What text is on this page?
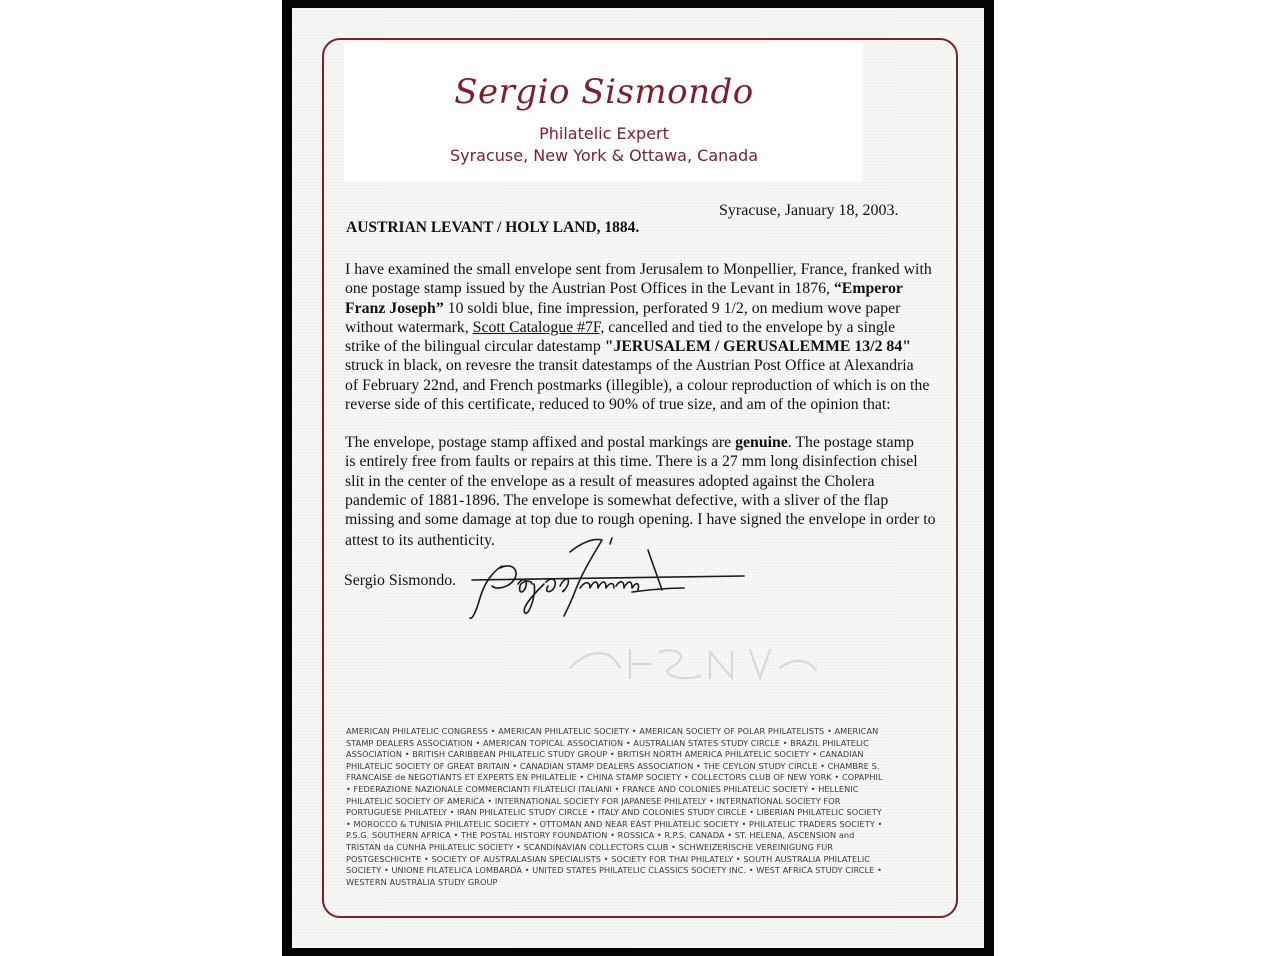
Sergio Sismondo
Philatelic Expert
Syracuse, New York & Ottawa, Canada
Syracuse, January 18, 2003.
AUSTRIAN LEVANT / HOLY LAND, 1884.
I have examined the small envelope sent from Jerusalem to Monpellier, France, franked with
one postage stamp issued by the Austrian Post Offices in the Levant in 1876, “Emperor
Franz Joseph” 10 soldi blue, fine impression, perforated 9 1/2, on medium wove paper
without watermark, Scott Catalogue #7F, cancelled and tied to the envelope by a single
strike of the bilingual circular datestamp "JERUSALEM / GERUSALEMME 13/2 84"
struck in black, on revesre the transit datestamps of the Austrian Post Office at Alexandria
of February 22nd, and French postmarks (illegible), a colour reproduction of which is on the
reverse side of this certificate, reduced to 90% of true size, and am of the opinion that:
The envelope, postage stamp affixed and postal markings are genuine. The postage stamp
is entirely free from faults or repairs at this time. There is a 27 mm long disinfection chisel
slit in the center of the envelope as a result of measures adopted against the Cholera
pandemic of 1881-1896. The envelope is somewhat defective, with a sliver of the flap
missing and some damage at top due to rough opening. I have signed the envelope in order to
attest to its authenticity.
Sergio Sismondo.
AMERICAN PHILATELIC CONGRESS • AMERICAN PHILATELIC SOCIETY • AMERICAN SOCIETY OF POLAR PHILATELISTS • AMERICAN
STAMP DEALERS ASSOCIATION • AMERICAN TOPICAL ASSOCIATION • AUSTRALIAN STATES STUDY CIRCLE • BRAZIL PHILATELIC
ASSOCIATION • BRITISH CARIBBEAN PHILATELIC STUDY GROUP • BRITISH NORTH AMERICA PHILATELIC SOCIETY • CANADIAN
PHILATELIC SOCIETY OF GREAT BRITAIN • CANADIAN STAMP DEALERS ASSOCIATION • THE CEYLON STUDY CIRCLE • CHAMBRE S.
FRANCAISE de NEGOTIANTS ET EXPERTS EN PHILATELIE • CHINA STAMP SOCIETY • COLLECTORS CLUB OF NEW YORK • COPAPHIL
• FEDERAZIONE NAZIONALE COMMERCIANTI FILATELICI ITALIANI • FRANCE AND COLONIES PHILATELIC SOCIETY • HELLENIC
PHILATELIC SOCIETY OF AMERICA • INTERNATIONAL SOCIETY FOR JAPANESE PHILATELY • INTERNATIONAL SOCIETY FOR
PORTUGUESE PHILATELY • IRAN PHILATELIC STUDY CIRCLE • ITALY AND COLONIES STUDY CIRCLE • LIBERIAN PHILATELIC SOCIETY
• MOROCCO & TUNISIA PHILATELIC SOCIETY • OTTOMAN AND NEAR EAST PHILATELIC SOCIETY • PHILATELIC TRADERS SOCIETY •
P.S.G. SOUTHERN AFRICA • THE POSTAL HISTORY FOUNDATION • ROSSICA • R.P.S. CANADA • ST. HELENA, ASCENSION and
TRISTAN da CUNHA PHILATELIC SOCIETY • SCANDINAVIAN COLLECTORS CLUB • SCHWEIZERISCHE VEREINIGUNG FUR
POSTGESCHICHTE • SOCIETY OF AUSTRALASIAN SPECIALISTS • SOCIETY FOR THAI PHILATELY • SOUTH AUSTRALIA PHILATELIC
SOCIETY • UNIONE FILATELICA LOMBARDA • UNITED STATES PHILATELIC CLASSICS SOCIETY INC. • WEST AFRICA STUDY CIRCLE •
WESTERN AUSTRALIA STUDY GROUP
